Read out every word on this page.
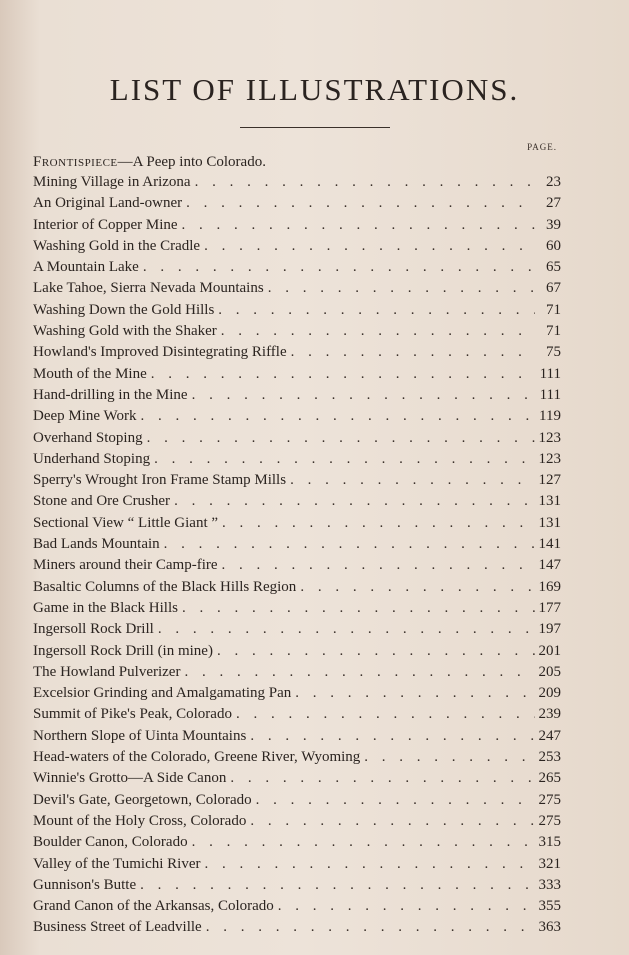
LIST OF ILLUSTRATIONS.
PAGE.
Frontispiece—A Peep into Colorado.
Mining Village in Arizona . . .	23
An Original Land-owner . . .	27
Interior of Copper Mine . . .	39
Washing Gold in the Cradle . . .	60
A Mountain Lake . . .	65
Lake Tahoe, Sierra Nevada Mountains . . .	67
Washing Down the Gold Hills . . .	71
Washing Gold with the Shaker . . .	71
Howland's Improved Disintegrating Riffle . . .	75
Mouth of the Mine . . .	111
Hand-drilling in the Mine . . .	111
Deep Mine Work . . .	119
Overhand Stoping . . .	123
Underhand Stoping . . .	123
Sperry's Wrought Iron Frame Stamp Mills . . .	127
Stone and Ore Crusher . . .	131
Sectional View “ Little Giant ” . . .	131
Bad Lands Mountain . . .	141
Miners around their Camp-fire . . .	147
Basaltic Columns of the Black Hills Region . . .	169
Game in the Black Hills . . .	177
Ingersoll Rock Drill . . .	197
Ingersoll Rock Drill (in mine) . . .	201
The Howland Pulverizer . . .	205
Excelsior Grinding and Amalgamating Pan . . .	209
Summit of Pike's Peak, Colorado . . .	239
Northern Slope of Uinta Mountains . . .	247
Head-waters of the Colorado, Greene River, Wyoming . . .	253
Winnie's Grotto—A Side Canon . . .	265
Devil's Gate, Georgetown, Colorado . . .	275
Mount of the Holy Cross, Colorado . . .	275
Boulder Canon, Colorado . . .	315
Valley of the Tumichi River . . .	321
Gunnison's Butte . . .	333
Grand Canon of the Arkansas, Colorado . . .	355
Business Street of Leadville . . .	363
